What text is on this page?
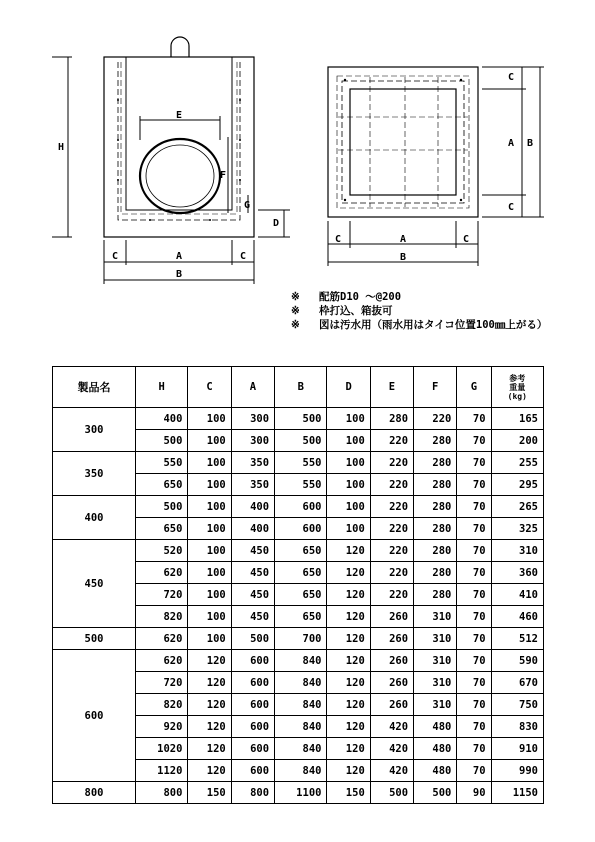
E
F
G
H
D
C	A	C
B
C	A	C
B
C
A B
C
※ 配筋D10 ～@200
※ 枠打込、箱抜可
※ 図は汚水用（雨水用はタイコ位置100㎜上がる）
製品名	H	C	A	B	D	E	F	G	参考
重量
(kg)

300	400	100	300	500	100	280	220	70	165
	500	100	300	500	100	220	280	70	200
350	550	100	350	550	100	220	280	70	255
	650	100	350	550	100	220	280	70	295
400	500	100	400	600	100	220	280	70	265
	650	100	400	600	100	220	280	70	325
450	520	100	450	650	120	220	280	70	310
	620	100	450	650	120	220	280	70	360
	720	100	450	650	120	220	280	70	410
	820	100	450	650	120	260	310	70	460
500	620	100	500	700	120	260	310	70	512
600	620	120	600	840	120	260	310	70	590
	720	120	600	840	120	260	310	70	670
	820	120	600	840	120	260	310	70	750
	920	120	600	840	120	420	480	70	830
	1020	120	600	840	120	420	480	70	910
	1120	120	600	840	120	420	480	70	990
800	800	150	800	1100	150	500	500	90	1150
